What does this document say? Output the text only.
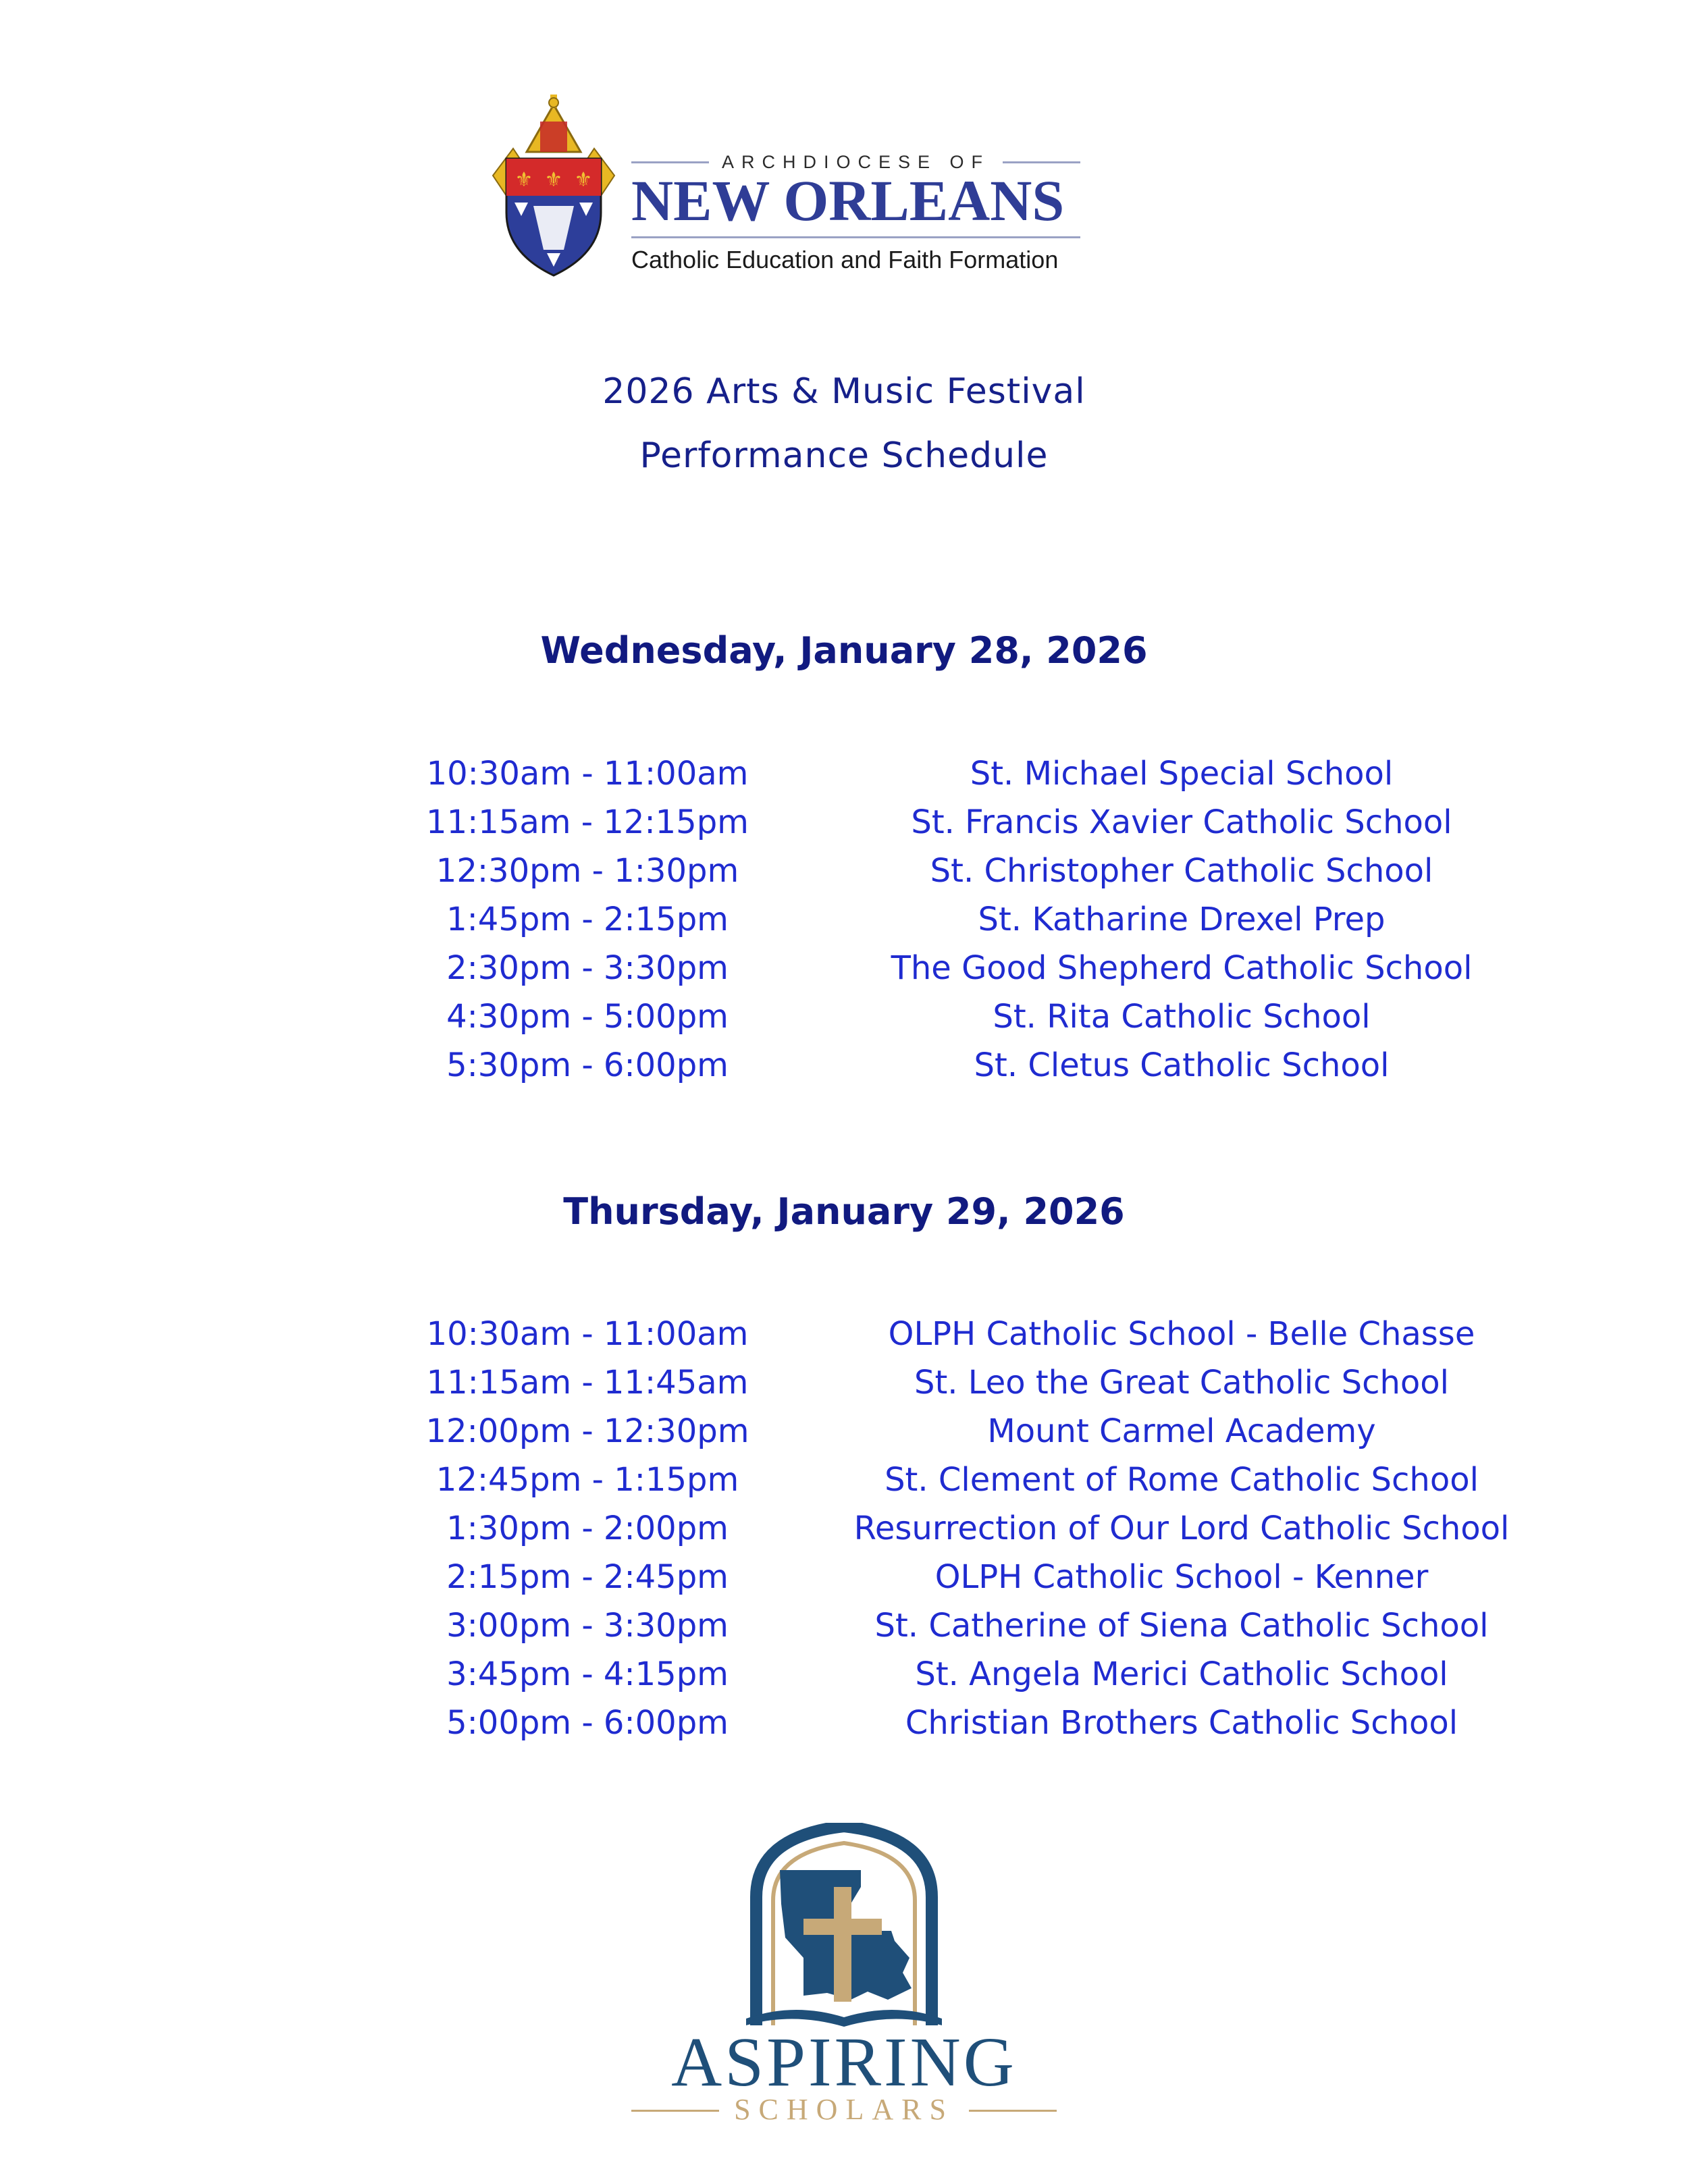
⚜ ⚜ ⚜
ARCHDIOCESE OF
NEW ORLEANS
Catholic Education and Faith Formation
2026 Arts & Music Festival
Performance Schedule
Wednesday, January 28, 2026
10:30am - 11:00am	St. Michael Special School
11:15am - 12:15pm	St. Francis Xavier Catholic School
12:30pm - 1:30pm	St. Christopher Catholic School
1:45pm - 2:15pm	St. Katharine Drexel Prep
2:30pm - 3:30pm	The Good Shepherd Catholic School
4:30pm - 5:00pm	St. Rita Catholic School
5:30pm - 6:00pm	St. Cletus Catholic School
Thursday, January 29, 2026
10:30am - 11:00am	OLPH Catholic School - Belle Chasse
11:15am - 11:45am	St. Leo the Great Catholic School
12:00pm - 12:30pm	Mount Carmel Academy
12:45pm - 1:15pm	St. Clement of Rome Catholic School
1:30pm - 2:00pm	Resurrection of Our Lord Catholic School
2:15pm - 2:45pm	OLPH Catholic School - Kenner
3:00pm - 3:30pm	St. Catherine of Siena Catholic School
3:45pm - 4:15pm	St. Angela Merici Catholic School
5:00pm - 6:00pm	Christian Brothers Catholic School
ASPIRING
SCHOLARS
